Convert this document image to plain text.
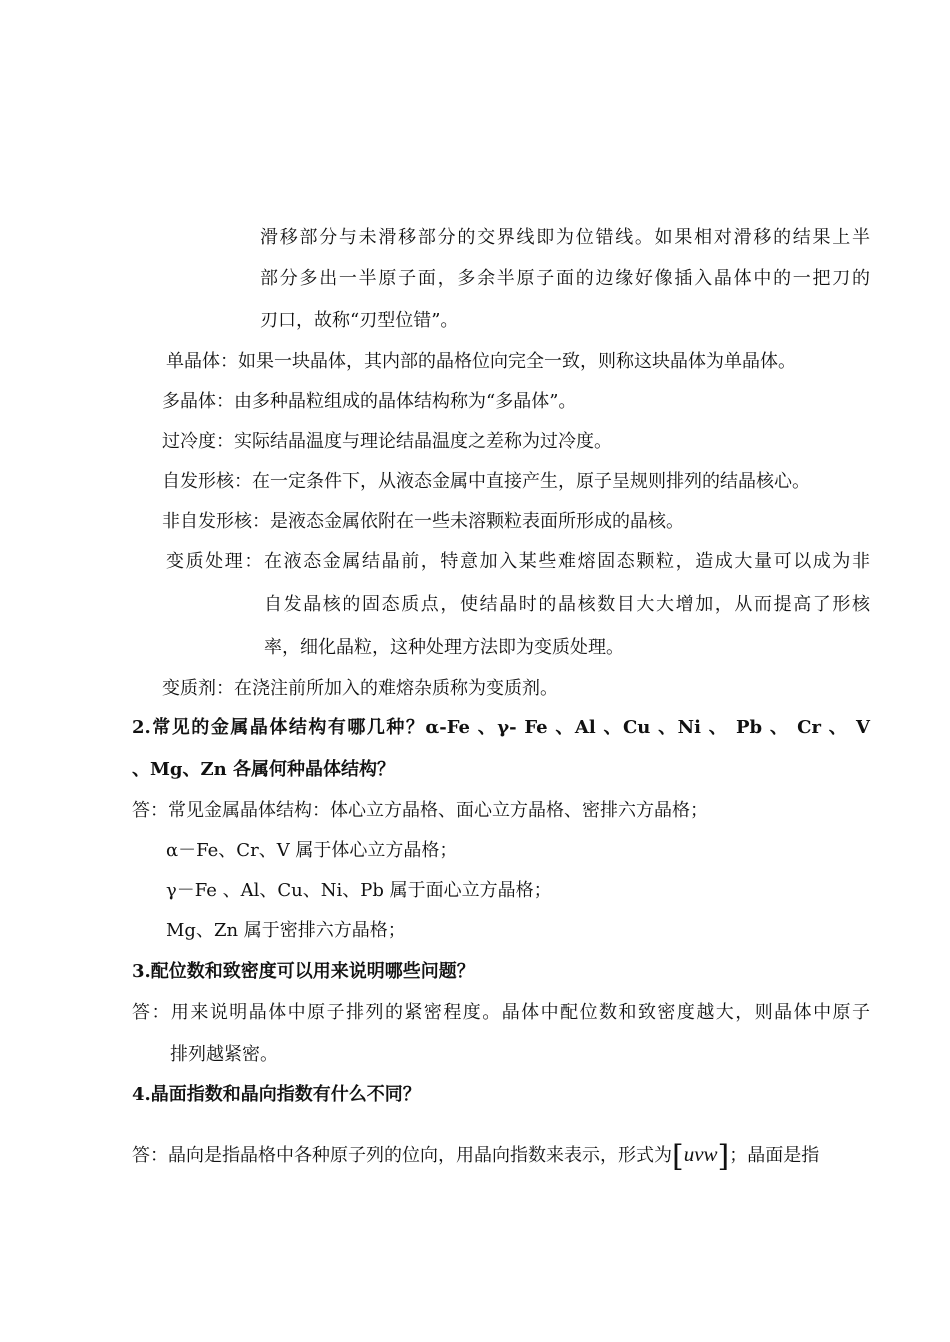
滑移部分与未滑移部分的交界线即为位错线。如果相对滑移的结果上半
部分多出一半原子面，多余半原子面的边缘好像插入晶体中的一把刀的
刃口，故称“刃型位错”。
单晶体：如果一块晶体，其内部的晶格位向完全一致，则称这块晶体为单晶体。
多晶体：由多种晶粒组成的晶体结构称为“多晶体”。
过冷度：实际结晶温度与理论结晶温度之差称为过冷度。
自发形核：在一定条件下，从液态金属中直接产生，原子呈规则排列的结晶核心。
非自发形核：是液态金属依附在一些未溶颗粒表面所形成的晶核。
变质处理：在液态金属结晶前，特意加入某些难熔固态颗粒，造成大量可以成为非
自发晶核的固态质点，使结晶时的晶核数目大大增加，从而提高了形核
率，细化晶粒，这种处理方法即为变质处理。
变质剂：在浇注前所加入的难熔杂质称为变质剂。
2.常见的金属晶体结构有哪几种？α-Fe 、γ- Fe 、Al 、Cu 、Ni 、 Pb 、 Cr 、 V
、Mg、Zn 各属何种晶体结构？
答：常见金属晶体结构：体心立方晶格、面心立方晶格、密排六方晶格；
α－Fe、Cr、V 属于体心立方晶格；
γ－Fe 、Al、Cu、Ni、Pb 属于面心立方晶格；
Mg、Zn 属于密排六方晶格；
3.配位数和致密度可以用来说明哪些问题？
答：用来说明晶体中原子排列的紧密程度。晶体中配位数和致密度越大，则晶体中原子
排列越紧密。
4.晶面指数和晶向指数有什么不同？
答：晶向是指晶格中各种原子列的位向，用晶向指数来表示，形式为[uvw]；晶面是指
